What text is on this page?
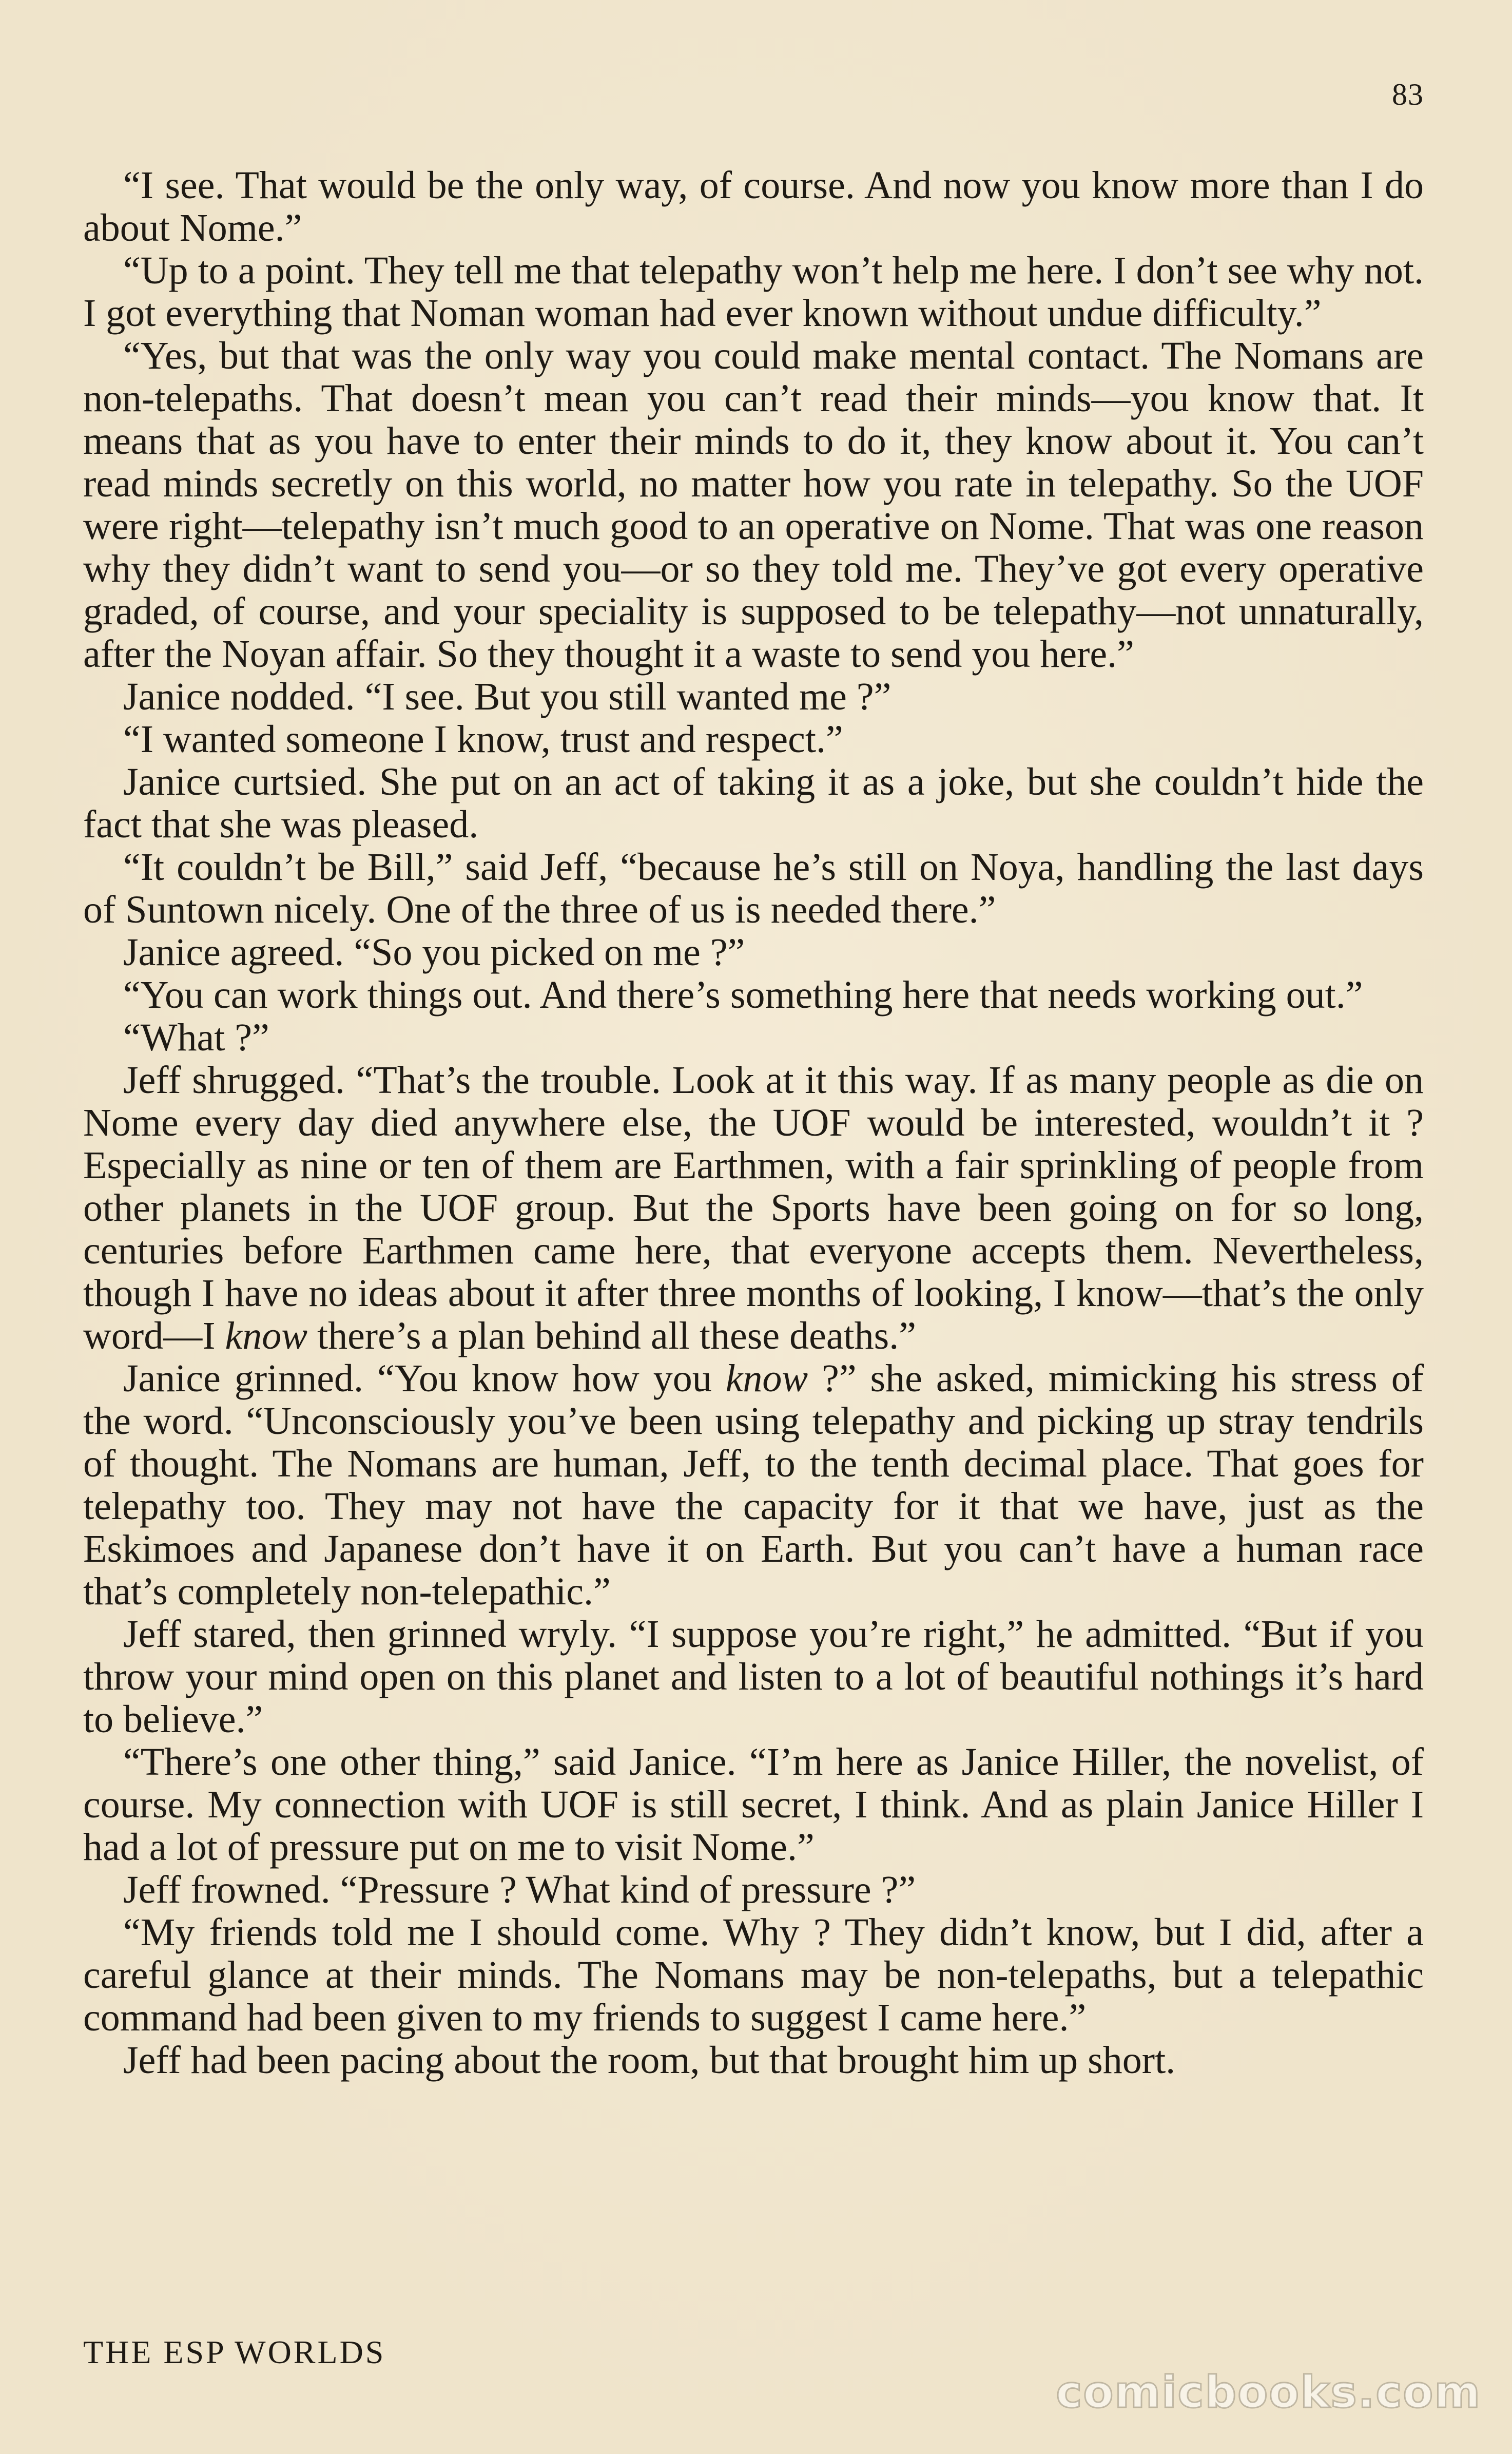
83

“I see. That would be the only way, of course. And now you know more than I do about Nome.”

“Up to a point. They tell me that telepathy won’t help me here. I don’t see why not. I got everything that Noman woman had ever known without undue difficulty.”

“Yes, but that was the only way you could make mental contact. The Nomans are non-telepaths. That doesn’t mean you can’t read their minds—you know that. It means that as you have to enter their minds to do it, they know about it. You can’t read minds secretly on this world, no matter how you rate in telepathy. So the UOF were right—telepathy isn’t much good to an operative on Nome. That was one reason why they didn’t want to send you—or so they told me. They’ve got every operative graded, of course, and your speciality is supposed to be telepathy—not unnaturally, after the Noyan affair. So they thought it a waste to send you here.”

Janice nodded. “I see. But you still wanted me ?”

“I wanted someone I know, trust and respect.”

Janice curtsied. She put on an act of taking it as a joke, but she couldn’t hide the fact that she was pleased.

“It couldn’t be Bill,” said Jeff, “because he’s still on Noya, handling the last days of Suntown nicely. One of the three of us is needed there.”

Janice agreed. “So you picked on me ?”

“You can work things out. And there’s something here that needs working out.”

“What ?”

Jeff shrugged. “That’s the trouble. Look at it this way. If as many people as die on Nome every day died anywhere else, the UOF would be interested, wouldn’t it ? Especially as nine or ten of them are Earthmen, with a fair sprinkling of people from other planets in the UOF group. But the Sports have been going on for so long, centuries before Earthmen came here, that everyone accepts them. Nevertheless, though I have no ideas about it after three months of looking, I know—that’s the only word—I know there’s a plan behind all these deaths.”

Janice grinned. “You know how you know ?” she asked, mimicking his stress of the word. “Unconsciously you’ve been using telepathy and picking up stray tendrils of thought. The Nomans are human, Jeff, to the tenth decimal place. That goes for telepathy too. They may not have the capacity for it that we have, just as the Eskimoes and Japanese don’t have it on Earth. But you can’t have a human race that’s completely non-telepathic.”

Jeff stared, then grinned wryly. “I suppose you’re right,” he admitted. “But if you throw your mind open on this planet and listen to a lot of beautiful nothings it’s hard to believe.”

“There’s one other thing,” said Janice. “I’m here as Janice Hiller, the novelist, of course. My connection with UOF is still secret, I think. And as plain Janice Hiller I had a lot of pressure put on me to visit Nome.”

Jeff frowned. “Pressure ? What kind of pressure ?”

“My friends told me I should come. Why ? They didn’t know, but I did, after a careful glance at their minds. The Nomans may be non-telepaths, but a telepathic command had been given to my friends to suggest I came here.”

Jeff had been pacing about the room, but that brought him up short.

THE ESP WORLDS
comicbooks.com
